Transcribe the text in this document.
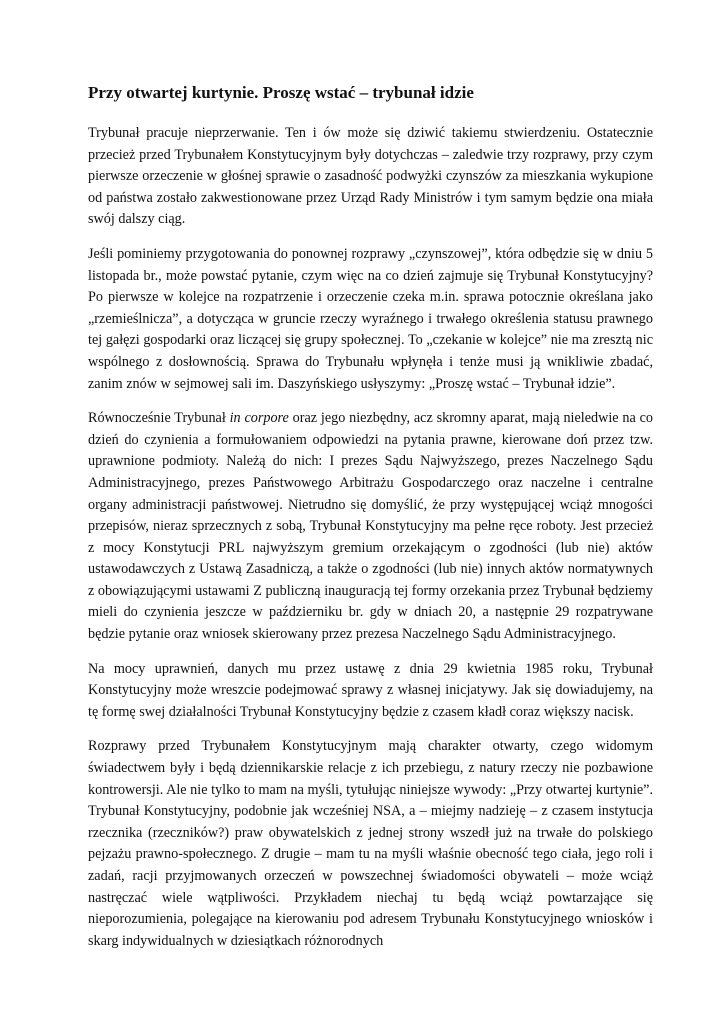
Przy otwartej kurtynie. Proszę wstać – trybunał idzie

Trybunał pracuje nieprzerwanie. Ten i ów może się dziwić takiemu stwierdzeniu. Ostatecznie przecież przed Trybunałem Konstytucyjnym były dotychczas – zaledwie trzy rozprawy, przy czym pierwsze orzeczenie w głośnej sprawie o zasadność podwyżki czynszów za mieszkania wykupione od państwa zostało zakwestionowane przez Urząd Rady Ministrów i tym samym będzie ona miała swój dalszy ciąg.

Jeśli pominiemy przygotowania do ponownej rozprawy „czynszowej”, która odbędzie się w dniu 5 listopada br., może powstać pytanie, czym więc na co dzień zajmuje się Trybunał Konstytucyjny? Po pierwsze w kolejce na rozpatrzenie i orzeczenie czeka m.in. sprawa potocznie określana jako „rzemieślnicza”, a dotycząca w gruncie rzeczy wyraźnego i trwałego określenia statusu prawnego tej gałęzi gospodarki oraz liczącej się grupy społecznej. To „czekanie w kolejce” nie ma zresztą nic wspólnego z dosłownością. Sprawa do Trybunału wpłynęła i tenże musi ją wnikliwie zbadać, zanim znów w sejmowej sali im. Daszyńskiego usłyszymy: „Proszę wstać – Trybunał idzie”.

Równocześnie Trybunał in corpore oraz jego niezbędny, acz skromny aparat, mają nieledwie na co dzień do czynienia a formułowaniem odpowiedzi na pytania prawne, kierowane doń przez tzw. uprawnione podmioty. Należą do nich: I prezes Sądu Najwyższego, prezes Naczelnego Sądu Administracyjnego, prezes Państwowego Arbitrażu Gospodarczego oraz naczelne i centralne organy administracji państwowej. Nietrudno się domyślić, że przy występującej wciąż mnogości przepisów, nieraz sprzecznych z sobą, Trybunał Konstytucyjny ma pełne ręce roboty. Jest przecież z mocy Konstytucji PRL najwyższym gremium orzekającym o zgodności (lub nie) aktów ustawodawczych z Ustawą Zasadniczą, a także o zgodności (lub nie) innych aktów normatywnych z obowiązującymi ustawami Z publiczną inauguracją tej formy orzekania przez Trybunał będziemy mieli do czynienia jeszcze w październiku br. gdy w dniach 20, a następnie 29 rozpatrywane będzie pytanie oraz wniosek skierowany przez prezesa Naczelnego Sądu Administracyjnego.

Na mocy uprawnień, danych mu przez ustawę z dnia 29 kwietnia 1985 roku, Trybunał Konstytucyjny może wreszcie podejmować sprawy z własnej inicjatywy. Jak się dowiadujemy, na tę formę swej działalności Trybunał Konstytucyjny będzie z czasem kładł coraz większy nacisk.

Rozprawy przed Trybunałem Konstytucyjnym mają charakter otwarty, czego widomym świadectwem były i będą dziennikarskie relacje z ich przebiegu, z natury rzeczy nie pozbawione kontrowersji. Ale nie tylko to mam na myśli, tytułując niniejsze wywody: „Przy otwartej kurtynie”. Trybunał Konstytucyjny, podobnie jak wcześniej NSA, a – miejmy nadzieję – z czasem instytucja rzecznika (rzeczników?) praw obywatelskich z jednej strony wszedł już na trwałe do polskiego pejzażu prawno-społecznego. Z drugie – mam tu na myśli właśnie obecność tego ciała, jego roli i zadań, racji przyjmowanych orzeczeń w powszechnej świadomości obywateli – może wciąż nastręczać wiele wątpliwości. Przykładem niechaj tu będą wciąż powtarzające się nieporozumienia, polegające na kierowaniu pod adresem Trybunału Konstytucyjnego wniosków i skarg indywidualnych w dziesiątkach różnorodnych
